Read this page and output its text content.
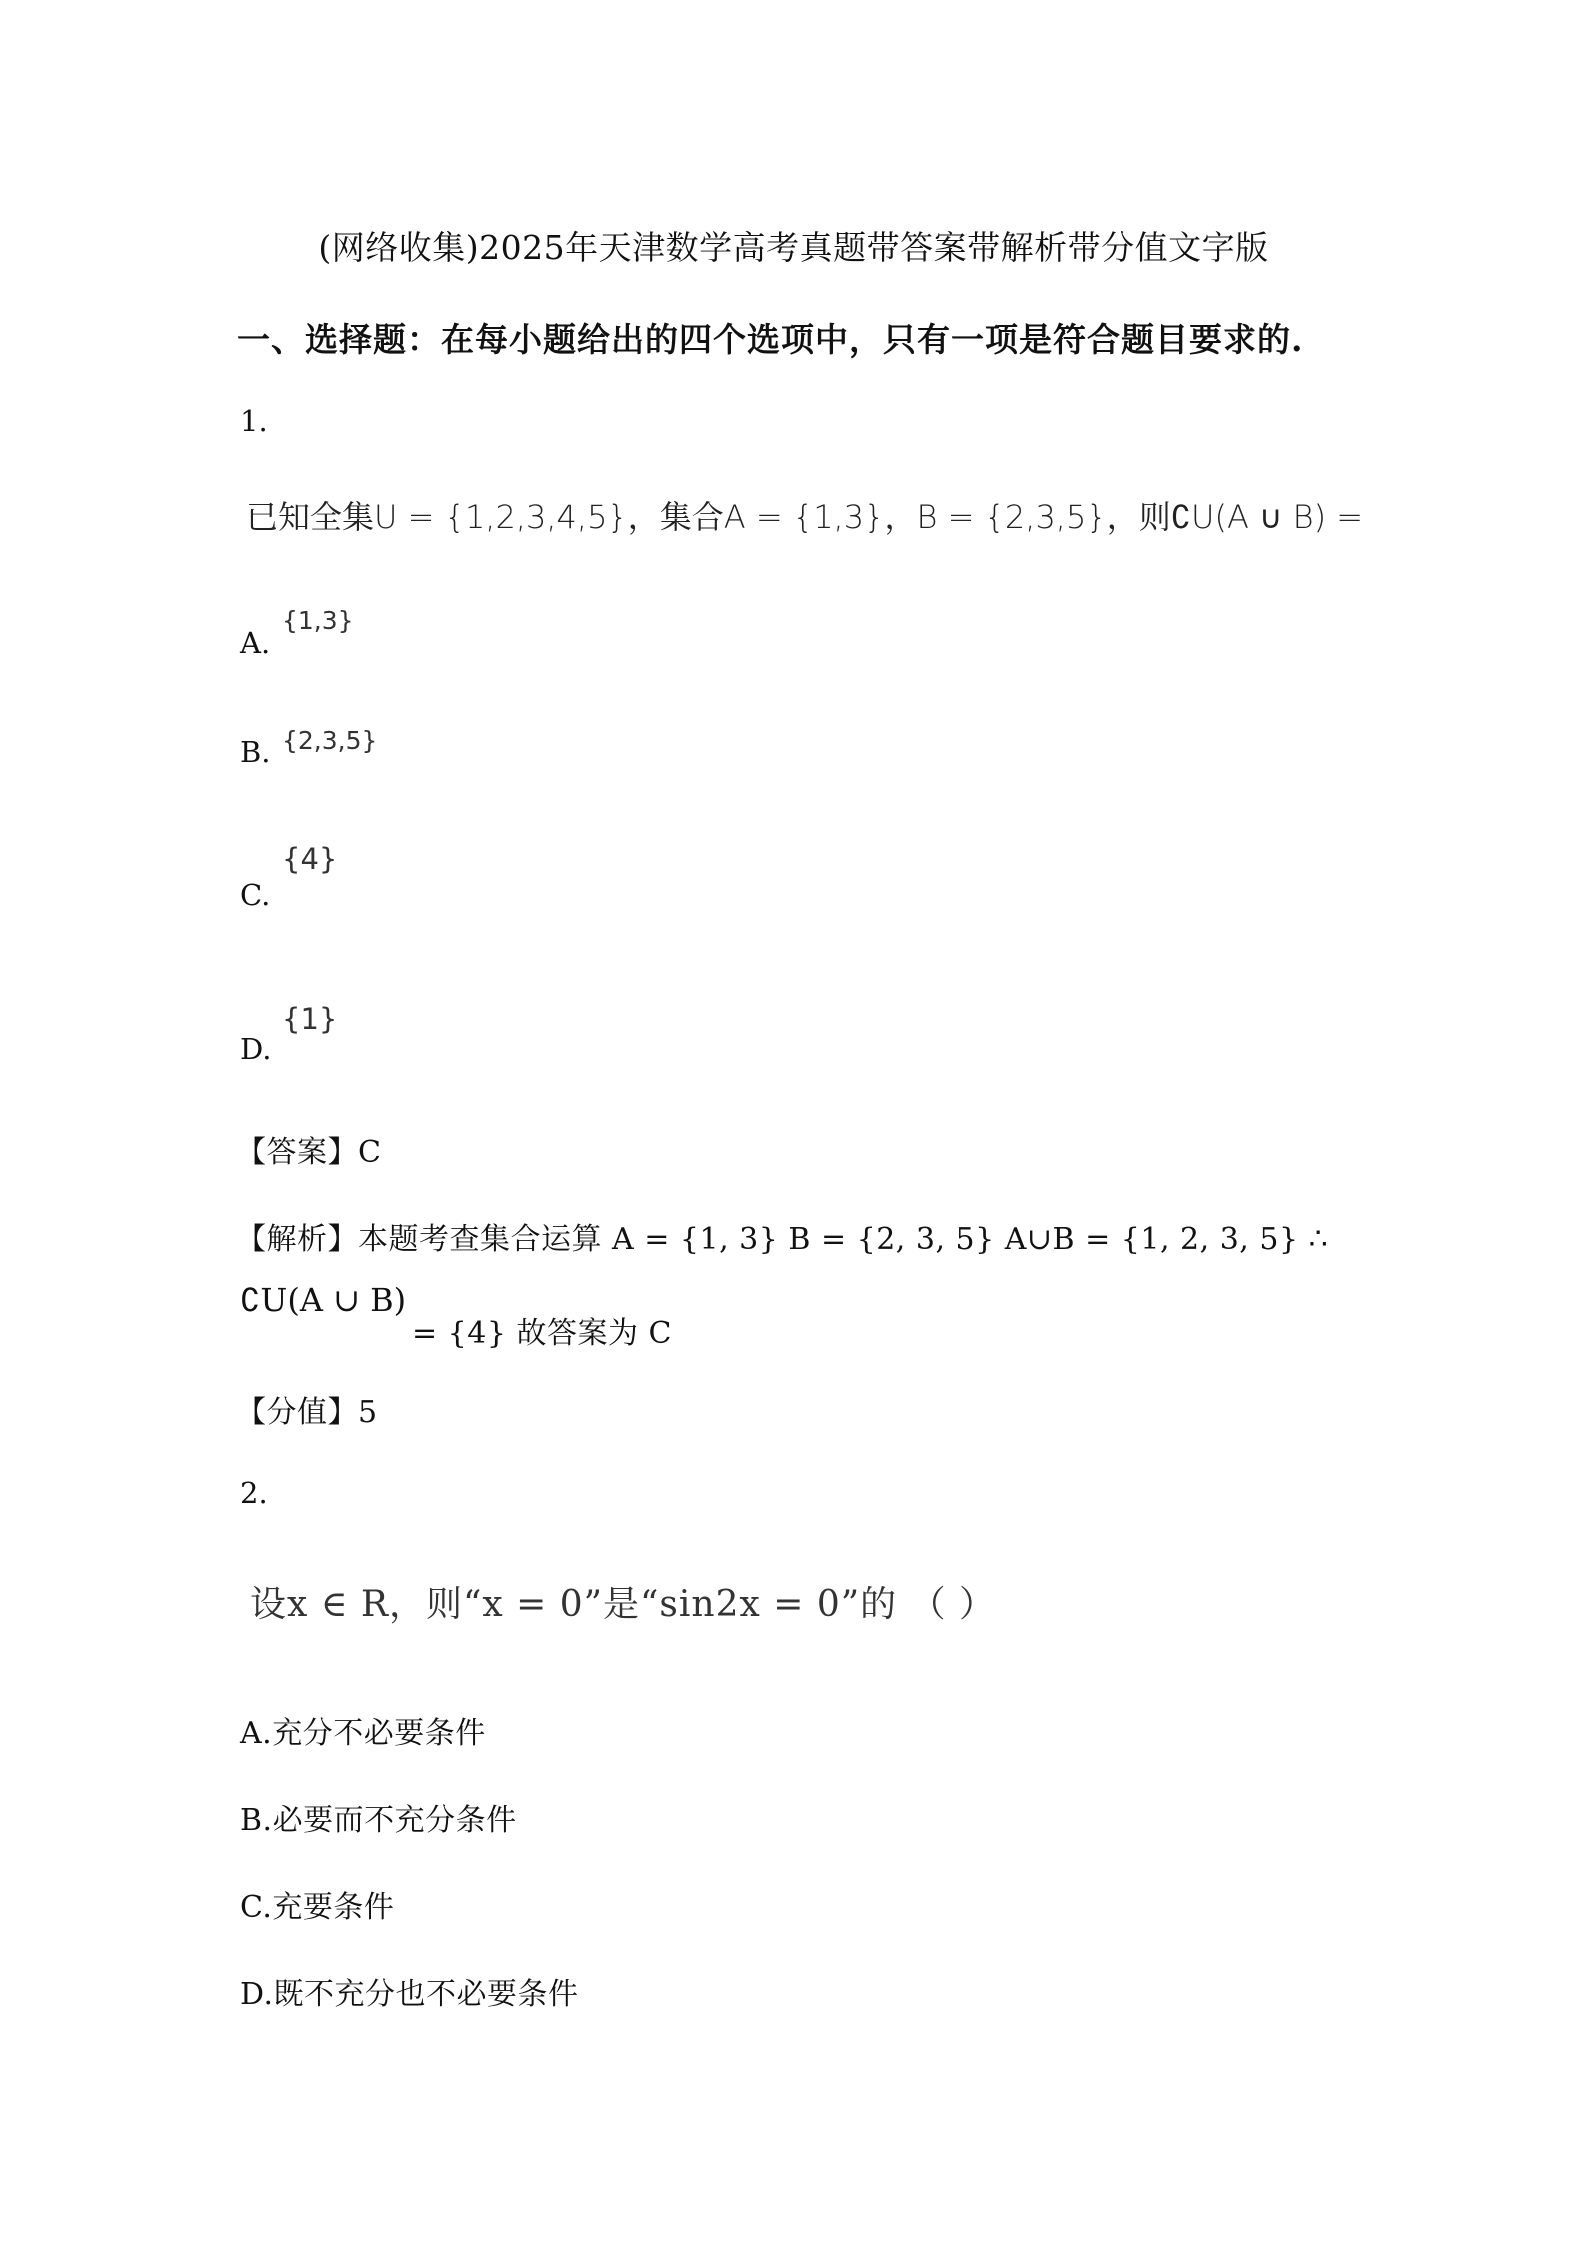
(网络收集)2025年天津数学高考真题带答案带解析带分值文字版
一、选择题：在每小题给出的四个选项中，只有一项是符合题目要求的.
1.
已知全集U = {1,2,3,4,5}，集合A = {1,3}，B = {2,3,5}，则∁U(A ∪ B) =
A.
{1,3}
B. {2,3,5}
C.
{4}
D.
{1}
【答案】C
【解析】本题考查集合运算 A = {1, 3} B = {2, 3, 5} A∪B = {1, 2, 3, 5} ∴
∁U(A ∪ B)
= {4} 故答案为 C
【分值】5
2.
设x ∈ R，则“x = 0”是“sin2x = 0”的 （ ）
A.充分不必要条件
B.必要而不充分条件
C.充要条件
D.既不充分也不必要条件
